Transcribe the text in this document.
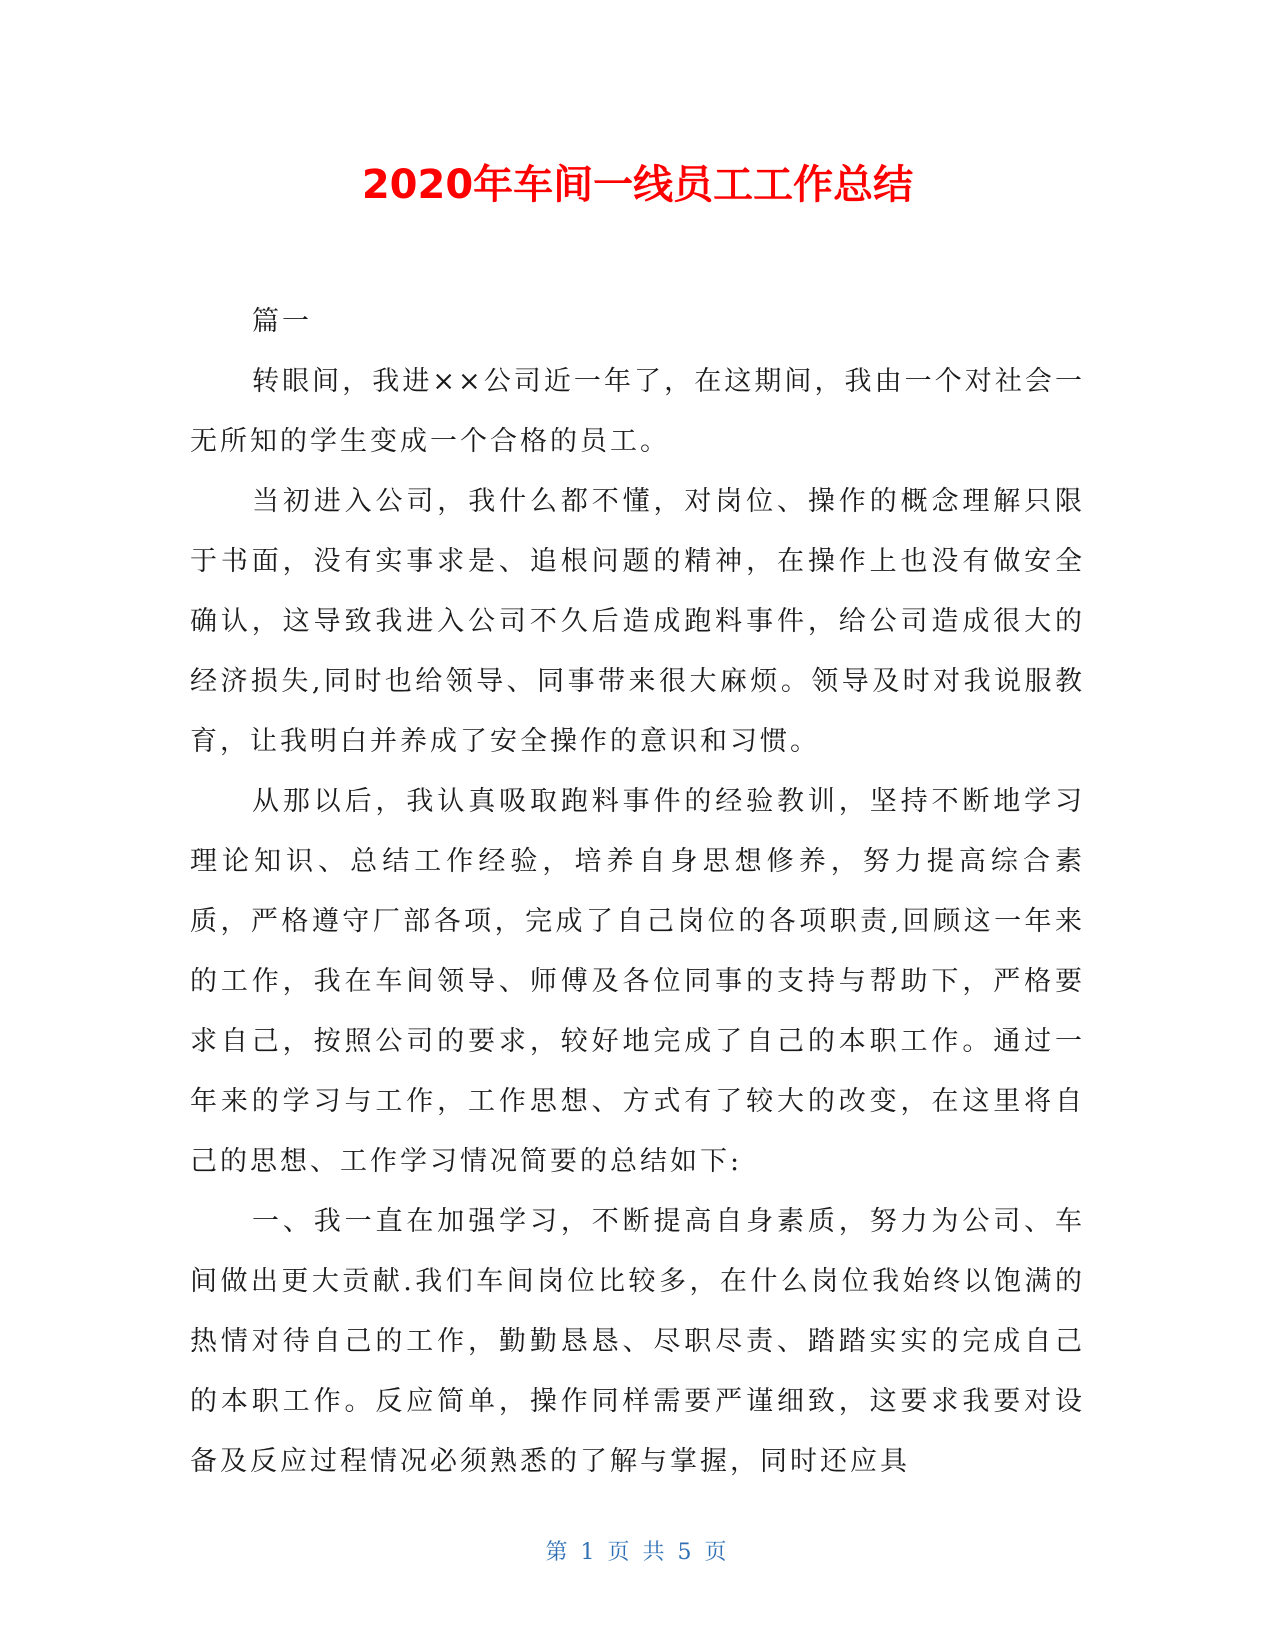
2020年车间一线员工工作总结

篇一

转眼间，我进××公司近一年了，在这期间，我由一个对社会一无所知的学生变成一个合格的员工。

当初进入公司，我什么都不懂，对岗位、操作的概念理解只限于书面，没有实事求是、追根问题的精神，在操作上也没有做安全确认，这导致我进入公司不久后造成跑料事件，给公司造成很大的经济损失,同时也给领导、同事带来很大麻烦。领导及时对我说服教育，让我明白并养成了安全操作的意识和习惯。

从那以后，我认真吸取跑料事件的经验教训，坚持不断地学习理论知识、总结工作经验，培养自身思想修养，努力提高综合素质，严格遵守厂部各项，完成了自己岗位的各项职责,回顾这一年来的工作，我在车间领导、师傅及各位同事的支持与帮助下，严格要求自己，按照公司的要求，较好地完成了自己的本职工作。通过一年来的学习与工作，工作思想、方式有了较大的改变，在这里将自己的思想、工作学习情况简要的总结如下:

一、我一直在加强学习，不断提高自身素质，努力为公司、车间做出更大贡献.我们车间岗位比较多，在什么岗位我始终以饱满的热情对待自己的工作，勤勤恳恳、尽职尽责、踏踏实实的完成自己的本职工作。反应简单，操作同样需要严谨细致，这要求我要对设备及反应过程情况必须熟悉的了解与掌握，同时还应具

第 1 页 共 5 页
